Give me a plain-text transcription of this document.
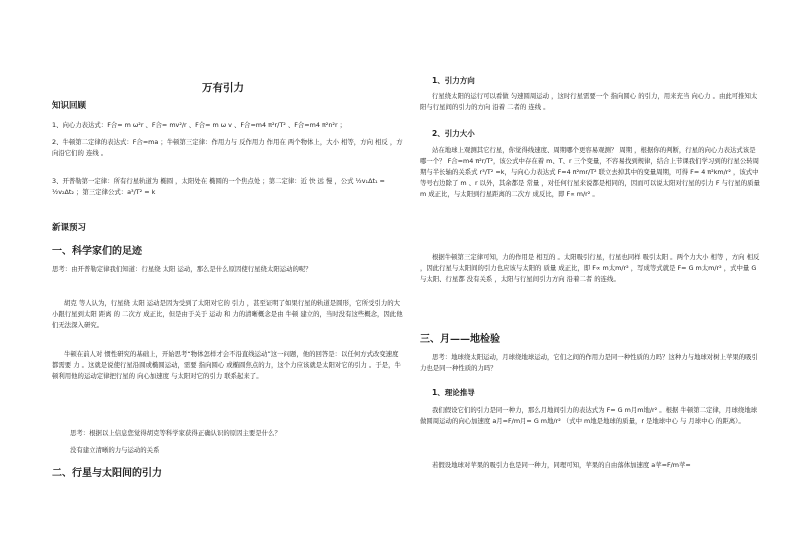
万有引力
知识回顾
1、向心力表达式：F合= m ω²r 、F合= mv²/r 、F合= m ω v 、F合=m4 π²r/T² 、F合=m4 π²n²r ；
2、牛顿第二定律的表达式：F合=ma ；牛顿第三定律：作用力与 反作用力 作用在 两个物体上，大小 相等，方向 相反 ，方向沿它们的 连线 。
3、开普勒第一定律：所有行星轨道为 椭圆 ，太阳处在 椭圆的一个焦点处 ；第二定律：近 快 远 慢 ，公式 ½v₁Δt₁ = ½v₂Δt₂ ；第三定律公式：a³/T² = k
新课预习
一、科学家们的足迹
思考：由开普勒定律我们知道：行星绕 太阳 运动，那么是什么原因使行星绕太阳运动的呢？
胡克 等人认为，行星绕 太阳 运动是因为受到了太阳对它的 引力 ，甚至证明了如果行星的轨道是圆形，它所受引力的大小跟行星到太阳 距离 的 二次方 成正比，但是由于关于 运动 和 力的清晰概念是由 牛顿 建立的，当时没有这些概念，因此他们无法深入研究。
牛顿在前人对 惯性研究的基础上，开始思考“物体怎样才会不沿直线运动”这一问题，他的回答是：以任何方式改变速度都需要 力 。这就是说使行星沿圆或椭圆运动，需要 指向圆心 或椭圆焦点的力，这个力应该就是太阳对它的引力 。于是，牛顿利用他的运动定律把行星的 向心加速度 与太阳对它的引力 联系起来了。
思考：根据以上信息您觉得胡克等科学家获得正确认识的原因主要是什么？
没有建立清晰的力与运动的关系
二、行星与太阳间的引力
1、引力方向
行星绕太阳的运行可以看做 匀速圆周运动 ，这时行星需要一个 指向圆心 的引力，用来充当 向心力 。由此可推知太阳与行星间的引力的方向 沿着 二者的 连线 。
2、引力大小
站在地球上观测其它行星，你觉得线速度、周期哪个更容易观测？ 周期 ，根据你的判断，行星的向心力表达式该是哪一个？ F合=m4 π²r/T²，该公式中存在着 m、T、r 三个变量，不容易找到规律，结合上节课我们学习到的行星公转周期与半长轴的关系式 r³/T² =k，与向心力表达式 F=4 π²mr/T² 联立去掉其中的变量周期，可得 F= 4 π²km/r² ，该式中等号右边除了 m 、r 以外，其余都是 常量 ，对任何行星来说都是相同的，因而可以说太阳对行星的引力 F 与行星的质量 m 成正比，与太阳到行星距离的二次方 成反比，即 F∝ m/r² 。
根据牛顿第三定律可知，力的作用是 相互的 。太阳吸引行星，行星也同样 吸引太阳 。两个力大小 相等 ，方向 相反 ，因此行星与太阳间的引力也应该与太阳的 质量 成正比，即 F∝ m太m/r² ，写成等式就是 F= G m太m/r² ，式中量 G 与太阳、行星都 没有关系 ，太阳与行星间引力方向 沿着二者 的连线。
三、月——地检验
思考：地球绕太阳运动，月球绕地球运动，它们之间的作用力是同一种性质的力吗？这种力与地球对树上苹果的吸引力也是同一种性质的力吗？
1、理论推导
我们假设它们的引力是同一种力，那么月地间引力的表达式为 F= G m月m地/r² 。根据 牛顿第二定律，月球绕地球做圆周运动的向心加速度 a月=F/m月= G m地/r² （式中 m地是地球的质量，r 是地球中心 与 月球中心 的距离）。
若假设地球对苹果的吸引力也是同一种力，同理可知，苹果的自由落体加速度 a苹=F/m苹=
